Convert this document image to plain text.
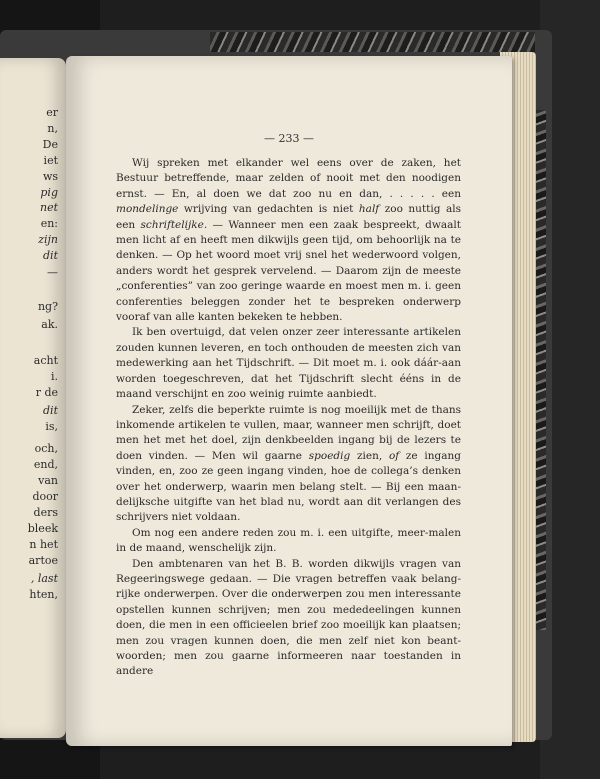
er
n,
De
iet
ws
pig
net
en:
zijn
dit
—
ng?
ak.
acht
i.
r de
dit
is,
och,
end,
van
door
ders
bleek
n het
artoe
, last
hten,
— 233 —

Wij spreken met elkander wel eens over de zaken, het Bestuur betreffende, maar zelden of nooit met den noodigen ernst. — En, al doen we dat zoo nu en dan, . . . . . een mondelinge wrijving van gedachten is niet half zoo nuttig als een schriftelijke. — Wanneer men een zaak bespreekt, dwaalt men licht af en heeft men dikwijls geen tijd, om behoorlijk na te denken. — Op het woord moet vrij snel het wederwoord volgen, anders wordt het gesprek vervelend. — Daarom zijn de meeste „conferenties” van zoo geringe waarde en moest men m. i. geen conferenties beleggen zonder het te bespreken onderwerp vooraf van alle kanten bekeken te hebben.

Ik ben overtuigd, dat velen onzer zeer interessante artikelen zouden kunnen leveren, en toch onthouden de meesten zich van medewerking aan het Tijdschrift. — Dit moet m. i. ook dáár-aan worden toegeschreven, dat het Tijdschrift slecht ééns in de maand verschijnt en zoo weinig ruimte aanbiedt.

Zeker, zelfs die beperkte ruimte is nog moeilijk met de thans inkomende artikelen te vullen, maar, wanneer men schrijft, doet men het met het doel, zijn denkbeelden ingang bij de lezers te doen vinden. — Men wil gaarne spoedig zien, of ze ingang vinden, en, zoo ze geen ingang vinden, hoe de collega’s denken over het onderwerp, waarin men belang stelt. — Bij een maan-delijksche uitgifte van het blad nu, wordt aan dit verlangen des schrijvers niet voldaan.

Om nog een andere reden zou m. i. een uitgifte, meer-malen in de maand, wenschelijk zijn.

Den ambtenaren van het B. B. worden dikwijls vragen van Regeeringswege gedaan. — Die vragen betreffen vaak belang-rijke onderwerpen. Over die onderwerpen zou men interessante opstellen kunnen schrijven; men zou mededeelingen kunnen doen, die men in een officieelen brief zoo moeilijk kan plaatsen; men zou vragen kunnen doen, die men zelf niet kon beant-woorden; men zou gaarne informeeren naar toestanden in andere
